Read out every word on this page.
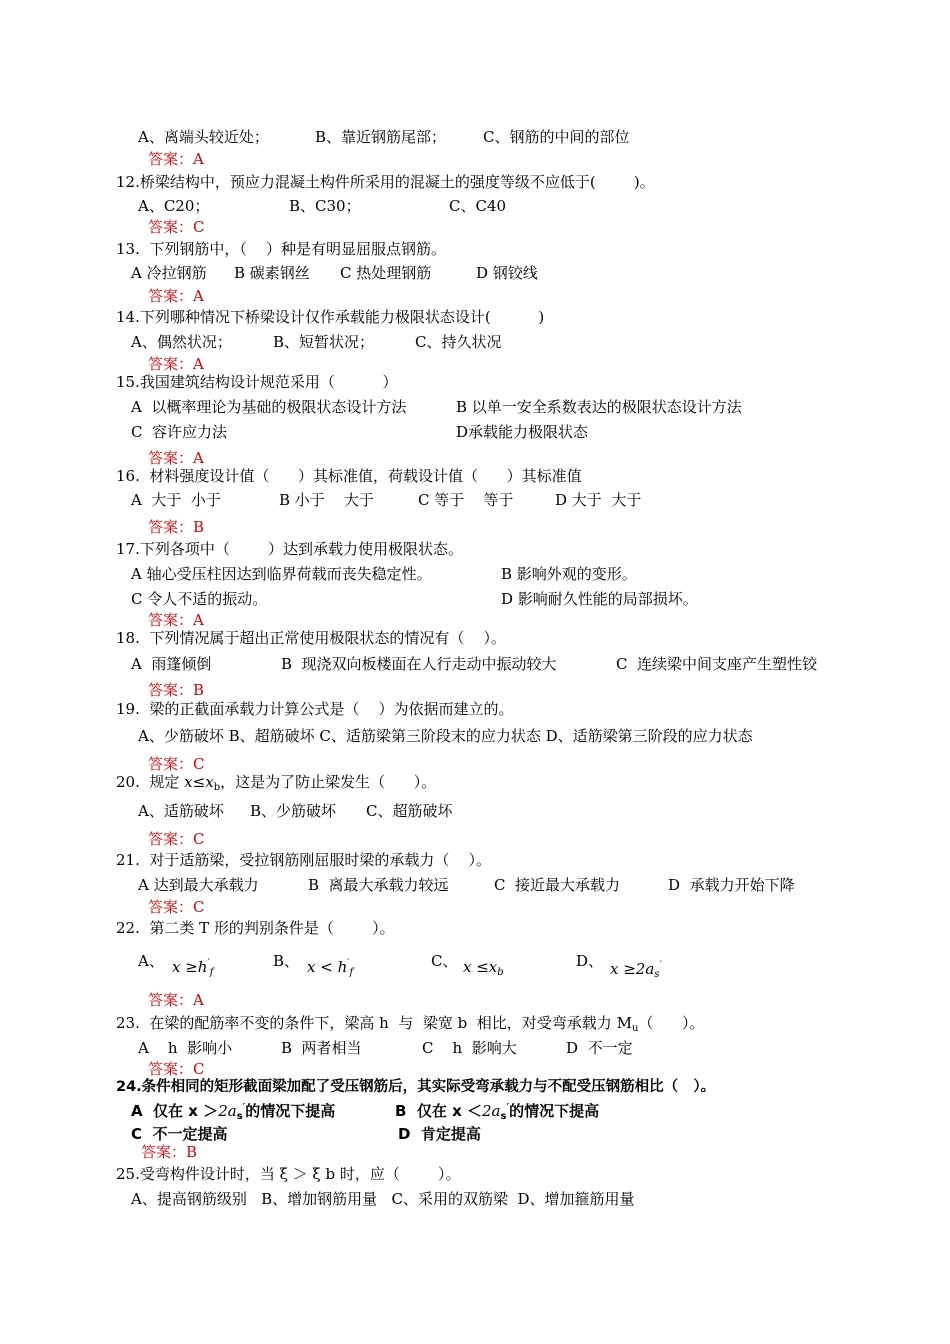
A、离端头较近处；	B、靠近钢筋尾部； C、钢筋的中间的部位
答案：A
12.桥梁结构中，预应力混凝土构件所采用的混凝土的强度等级不应低于(        )。
A、C20；	B、C30；	C、C40
答案：C
13.  下列钢筋中，（    ）种是有明显屈服点钢筋。
A 冷拉钢筋 B 碳素钢丝 C 热处理钢筋	D 钢铰线
答案：A
14.下列哪种情况下桥梁设计仅作承载能力极限状态设计(          )
A、偶然状况；	B、短暂状况；	C、持久状况
答案：A
15.我国建筑结构设计规范采用（          ）
A  以概率理论为基础的极限状态设计方法	B 以单一安全系数表达的极限状态设计方法
C  容许应力法	D承载能力极限状态
答案：A
16.  材料强度设计值（      ）其标准值，荷载设计值（      ）其标准值
A  大于  小于	B 小于    大于	C 等于    等于	D 大于  大于
答案：B
17.下列各项中（        ）达到承载力使用极限状态。
A 轴心受压柱因达到临界荷载而丧失稳定性。	B 影响外观的变形。
C 令人不适的振动。	D 影响耐久性能的局部损坏。
答案：A
18.  下列情况属于超出正常使用极限状态的情况有（    ）。
A  雨篷倾倒	B  现浇双向板楼面在人行走动中振动较大	C  连续梁中间支座产生塑性铰
答案：B
19.  梁的正截面承载力计算公式是（    ）为依据而建立的。
A、少筋破坏 B、超筋破坏 C、适筋梁第三阶段末的应力状态 D、适筋梁第三阶段的应力状态
答案：C
20.  规定 $x\le x_b$，这是为了防止梁发生（      ）。
A、适筋破坏 B、少筋破坏 C、超筋破坏
答案：C
21.  对于适筋梁，受拉钢筋刚屈服时梁的承载力（    ）。
A 达到最大承载力	B  离最大承载力较远	C  接近最大承载力	D  承载力开始下降
答案：C
22.  第二类 T 形的判别条件是（        ）。
A、 $x \ge h'_f$
B、 $x < h'_f$
C、 $x \le x_b$
D、 $x \ge 2a_s'$
答案：A
23.  在梁的配筋率不变的条件下，梁高 h  与  梁宽 b  相比，对受弯承载力 $M_u$（      ）。
A    h  影响小	B  两者相当	C    h  影响大	D  不一定
答案：C
24.条件相同的矩形截面梁加配了受压钢筋后，其实际受弯承载力与不配受压钢筋相比（   ）。
A  仅在 $x >2a_s'$的情况下提高	B  仅在 $x <2a_s'$的情况下提高
C  不一定提高	D  肯定提高
答案：B
25.受弯构件设计时，当 ξ ＞ ξ b 时，应（        ）。
A、提高钢筋级别   B、增加钢筋用量   C、采用的双筋梁  D、增加箍筋用量
